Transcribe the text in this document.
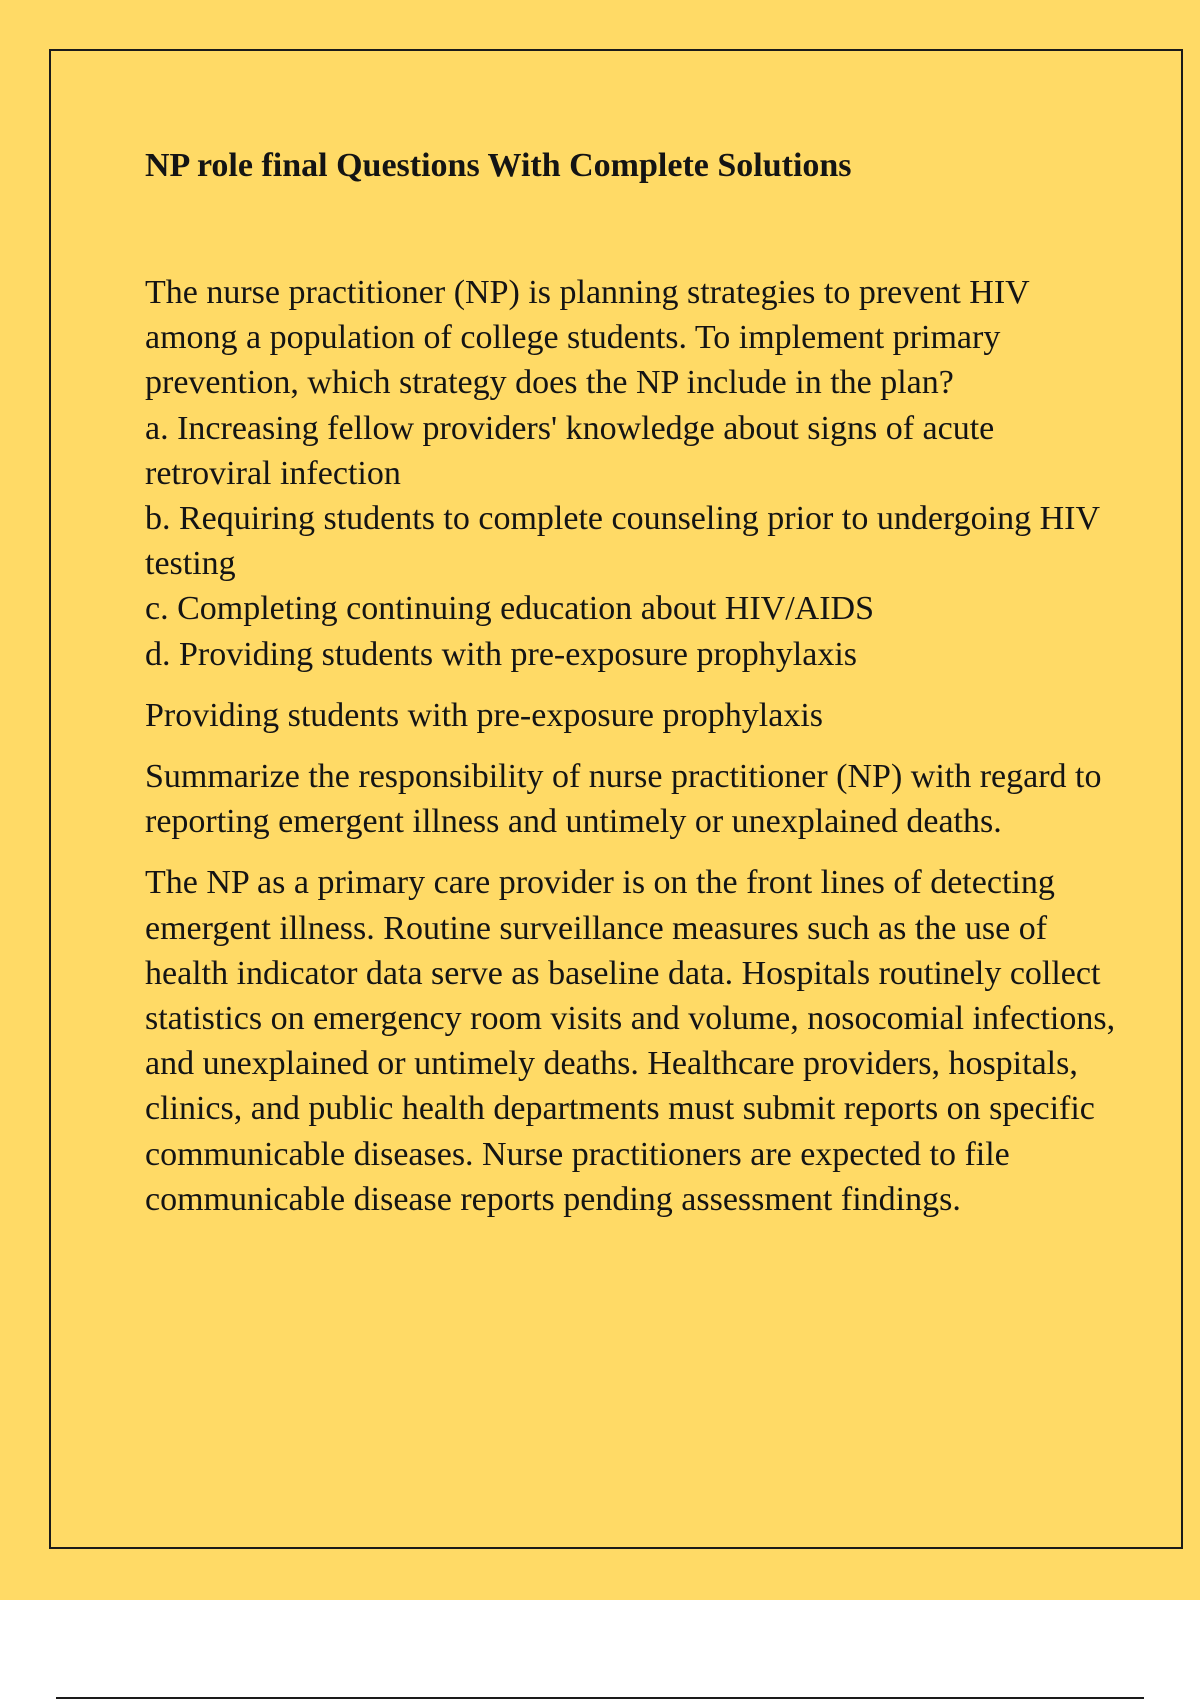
NP role final Questions With Complete Solutions

The nurse practitioner (NP) is planning strategies to prevent HIV among a population of college students. To implement primary prevention, which strategy does the NP include in the plan?

a. Increasing fellow providers' knowledge about signs of acute retroviral infection
b. Requiring students to complete counseling prior to undergoing HIV testing
c. Completing continuing education about HIV/AIDS
d. Providing students with pre-exposure prophylaxis

Providing students with pre-exposure prophylaxis

Summarize the responsibility of nurse practitioner (NP) with regard to reporting emergent illness and untimely or unexplained deaths.

The NP as a primary care provider is on the front lines of detecting emergent illness. Routine surveillance measures such as the use of health indicator data serve as baseline data. Hospitals routinely collect statistics on emergency room visits and volume, nosocomial infections, and unexplained or untimely deaths. Healthcare providers, hospitals, clinics, and public health departments must submit reports on specific communicable diseases. Nurse practitioners are expected to file communicable disease reports pending assessment findings.
